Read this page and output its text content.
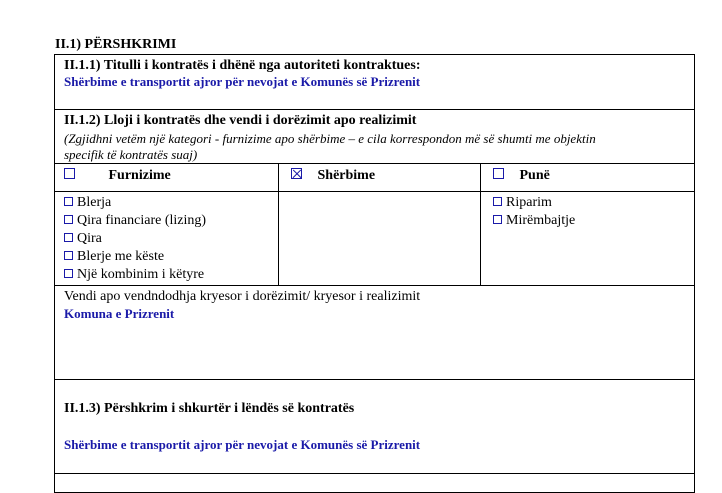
II.1) PËRSHKRIMI
II.1.1) Titulli i kontratës i dhënë nga autoriteti kontraktues:
Shërbime e transportit ajror për nevojat e Komunës së Prizrenit
II.1.2) Lloji i kontratës dhe vendi i dorëzimit apo realizimit
(Zgjidhni vetëm një kategori - furnizime apo shërbime – e cila korrespondon më së shumti me objektin
specifik të kontratës suaj)
Furnizime	Shërbime	Punë
Blerja
Qira financiare (lizing)
Qira
Blerje me këste
Një kombinim i këtyre
Riparim
Mirëmbajtje
Vendi apo vendndodhja kryesor i dorëzimit/ kryesor i realizimit
Komuna e Prizrenit
II.1.3) Përshkrim i shkurtër i lëndës së kontratës
Shërbime e transportit ajror për nevojat e Komunës së Prizrenit
